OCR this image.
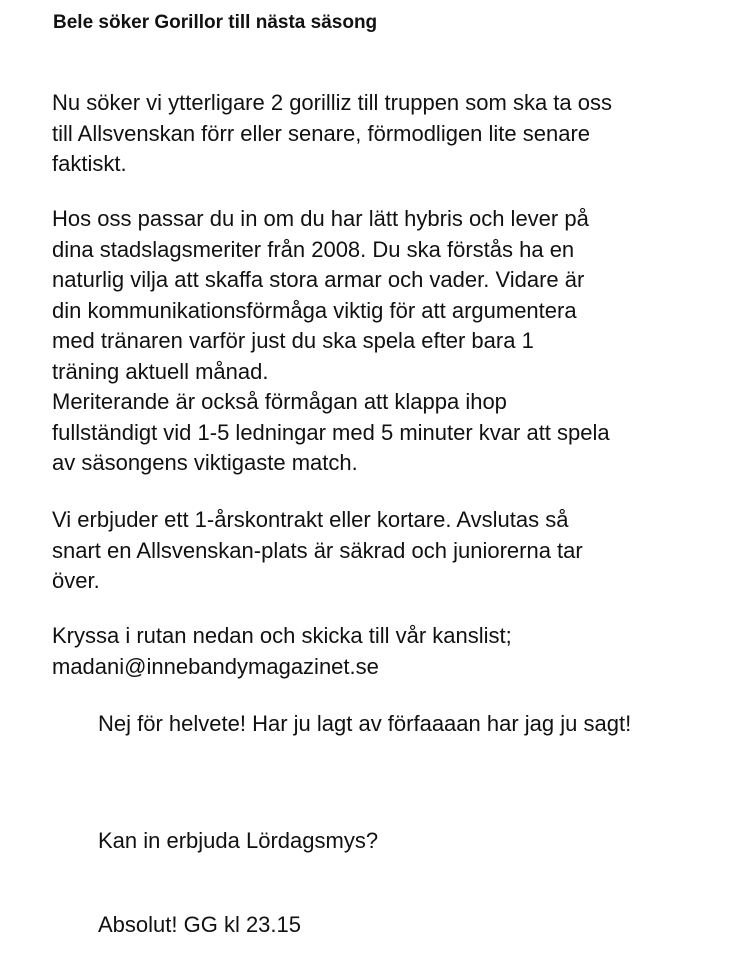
Bele söker Gorillor till nästa säsong

Nu söker vi ytterligare 2 gorilliz till truppen som ska ta oss
till Allsvenskan förr eller senare, förmodligen lite senare
faktiskt.

Hos oss passar du in om du har lätt hybris och lever på
dina stadslagsmeriter från 2008. Du ska förstås ha en
naturlig vilja att skaffa stora armar och vader. Vidare är
din kommunikationsförmåga viktig för att argumentera
med tränaren varför just du ska spela efter bara 1
träning aktuell månad.

Meriterande är också förmågan att klappa ihop
fullständigt vid 1-5 ledningar med 5 minuter kvar att spela
av säsongens viktigaste match.

Vi erbjuder ett 1-årskontrakt eller kortare. Avslutas så
snart en Allsvenskan-plats är säkrad och juniorerna tar
över.

Kryssa i rutan nedan och skicka till vår kanslist;
madani@innebandymagazinet.se

Nej för helvete! Har ju lagt av förfaaaan har jag ju sagt!

Kan in erbjuda Lördagsmys?

Absolut! GG kl 23.15
